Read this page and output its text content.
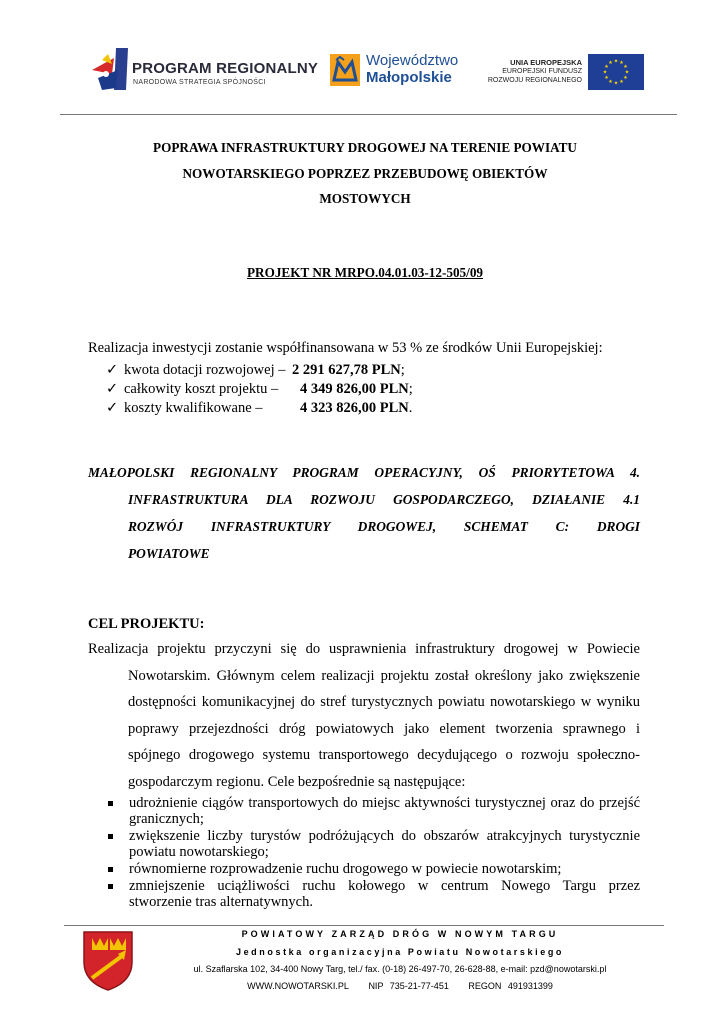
PROGRAM REGIONALNY
NARODOWA STRATEGIA SPÓJNOŚCI
Województwo
Małopolskie
UNIA EUROPEJSKA
EUROPEJSKI FUNDUSZ
ROZWOJU REGIONALNEGO
★
★
★
★
★
★
★
★
★ ★ ★
★
POPRAWA INFRASTRUKTURY DROGOWEJ NA TERENIE POWIATU
NOWOTARSKIEGO POPRZEZ PRZEBUDOWĘ OBIEKTÓW
MOSTOWYCH
PROJEKT NR MRPO.04.01.03-12-505/09
Realizacja inwestycji zostanie współfinansowana w 53 % ze środków Unii Europejskiej:
✓ kwota dotacji rozwojowej – 2 291 627,78 PLN;
✓ całkowity koszt projektu – 4 349 826,00 PLN;
✓ koszty kwalifikowane –	4 323 826,00 PLN.
MAŁOPOLSKI REGIONALNY PROGRAM OPERACYJNY, OŚ PRIORYTETOWA 4.
INFRASTRUKTURA DLA ROZWOJU GOSPODARCZEGO, DZIAŁANIE 4.1
ROZWÓJ INFRASTRUKTURY DROGOWEJ, SCHEMAT C: DROGI
POWIATOWE
CEL PROJEKTU:
Realizacja projektu przyczyni się do usprawnienia infrastruktury drogowej w Powiecie
Nowotarskim. Głównym celem realizacji projektu został określony jako zwiększenie
dostępności komunikacyjnej do stref turystycznych powiatu nowotarskiego w wyniku
poprawy przejezdności dróg powiatowych jako element tworzenia sprawnego i
spójnego drogowego systemu transportowego decydującego o rozwoju społeczno-
gospodarczym regionu. Cele bezpośrednie są następujące:
udrożnienie ciągów transportowych do miejsc aktywności turystycznej oraz do przejść
granicznych;
zwiększenie liczby turystów podróżujących do obszarów atrakcyjnych turystycznie
powiatu nowotarskiego;
równomierne rozprowadzenie ruchu drogowego w powiecie nowotarskim;
zmniejszenie uciążliwości ruchu kołowego w centrum Nowego Targu przez
stworzenie tras alternatywnych.
POWIATOWY ZARZĄD DRÓG W NOWYM TARGU
Jednostka organizacyjna Powiatu Nowotarskiego
ul. Szaflarska 102, 34-400 Nowy Targ, tel./ fax. (0-18) 26-497-70, 26-628-88, e-mail: pzd@nowotarski.pl
WWW.NOWOTARSKI.PL NIP 735-21-77-451 REGON 491931399
